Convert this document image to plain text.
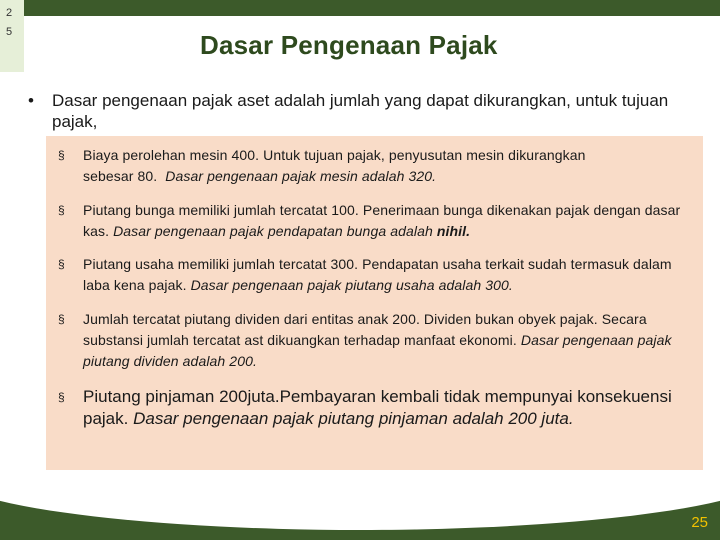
2
5	Dasar Pengenaan Pajak
• Dasar pengenaan pajak aset adalah jumlah yang dapat dikurangkan, untuk tujuan pajak,
§ Biaya perolehan mesin 400. Untuk tujuan pajak, penyusutan mesin dikurangkan
sebesar 80. Dasar pengenaan pajak mesin adalah 320.
§ Piutang bunga memiliki jumlah tercatat 100. Penerimaan bunga dikenakan pajak dengan dasar kas. Dasar pengenaan pajak pendapatan bunga adalah nihil.
§ Piutang usaha memiliki jumlah tercatat 300. Pendapatan usaha terkait sudah termasuk dalam laba kena pajak. Dasar pengenaan pajak piutang usaha adalah 300.
§ Jumlah tercatat piutang dividen dari entitas anak 200. Dividen bukan obyek pajak. Secara substansi jumlah tercatat ast dikuangkan terhadap manfaat ekonomi. Dasar pengenaan pajak piutang dividen adalah 200.
§ Piutang pinjaman 200juta.Pembayaran kembali tidak mempunyai konsekuensi pajak. Dasar pengenaan pajak piutang pinjaman adalah 200 juta.
25
